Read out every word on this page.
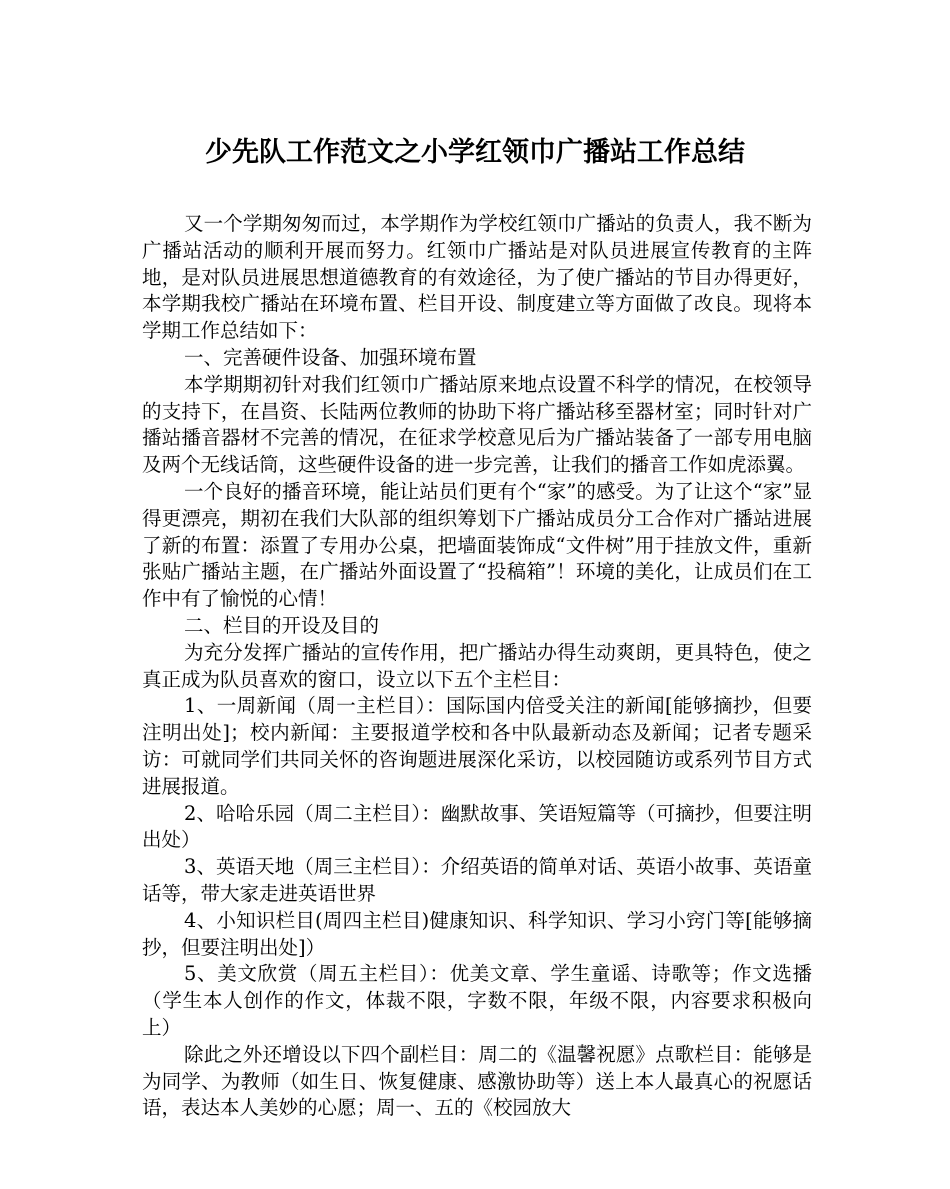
少先队工作范文之小学红领巾广播站工作总结

又一个学期匆匆而过，本学期作为学校红领巾广播站的负责人，我不断为广播站活动的顺利开展而努力。红领巾广播站是对队员进展宣传教育的主阵地，是对队员进展思想道德教育的有效途径，为了使广播站的节目办得更好，本学期我校广播站在环境布置、栏目开设、制度建立等方面做了改良。现将本学期工作总结如下：

一、完善硬件设备、加强环境布置

本学期期初针对我们红领巾广播站原来地点设置不科学的情况，在校领导的支持下，在昌资、长陆两位教师的协助下将广播站移至器材室；同时针对广播站播音器材不完善的情况，在征求学校意见后为广播站装备了一部专用电脑及两个无线话筒，这些硬件设备的进一步完善，让我们的播音工作如虎添翼。

一个良好的播音环境，能让站员们更有个“家”的感受。为了让这个“家”显得更漂亮，期初在我们大队部的组织筹划下广播站成员分工合作对广播站进展了新的布置：添置了专用办公桌，把墙面装饰成“文件树”用于挂放文件，重新张贴广播站主题，在广播站外面设置了“投稿箱”！环境的美化，让成员们在工作中有了愉悦的心情！

二、栏目的开设及目的

为充分发挥广播站的宣传作用，把广播站办得生动爽朗，更具特色，使之真正成为队员喜欢的窗口，设立以下五个主栏目：

1、一周新闻（周一主栏目）：国际国内倍受关注的新闻[能够摘抄，但要注明出处]；校内新闻：主要报道学校和各中队最新动态及新闻；记者专题采访：可就同学们共同关怀的咨询题进展深化采访，以校园随访或系列节目方式进展报道。

2、哈哈乐园（周二主栏目）：幽默故事、笑语短篇等（可摘抄，但要注明出处）

3、英语天地（周三主栏目）：介绍英语的简单对话、英语小故事、英语童话等，带大家走进英语世界

4、小知识栏目(周四主栏目)健康知识、科学知识、学习小窍门等[能够摘抄，但要注明出处]）

5、美文欣赏（周五主栏目）：优美文章、学生童谣、诗歌等；作文选播（学生本人创作的作文，体裁不限，字数不限，年级不限，内容要求积极向上）

除此之外还增设以下四个副栏目：周二的《温馨祝愿》点歌栏目：能够是为同学、为教师（如生日、恢复健康、感激协助等）送上本人最真心的祝愿话语，表达本人美妙的心愿；周一、五的《校园放大
